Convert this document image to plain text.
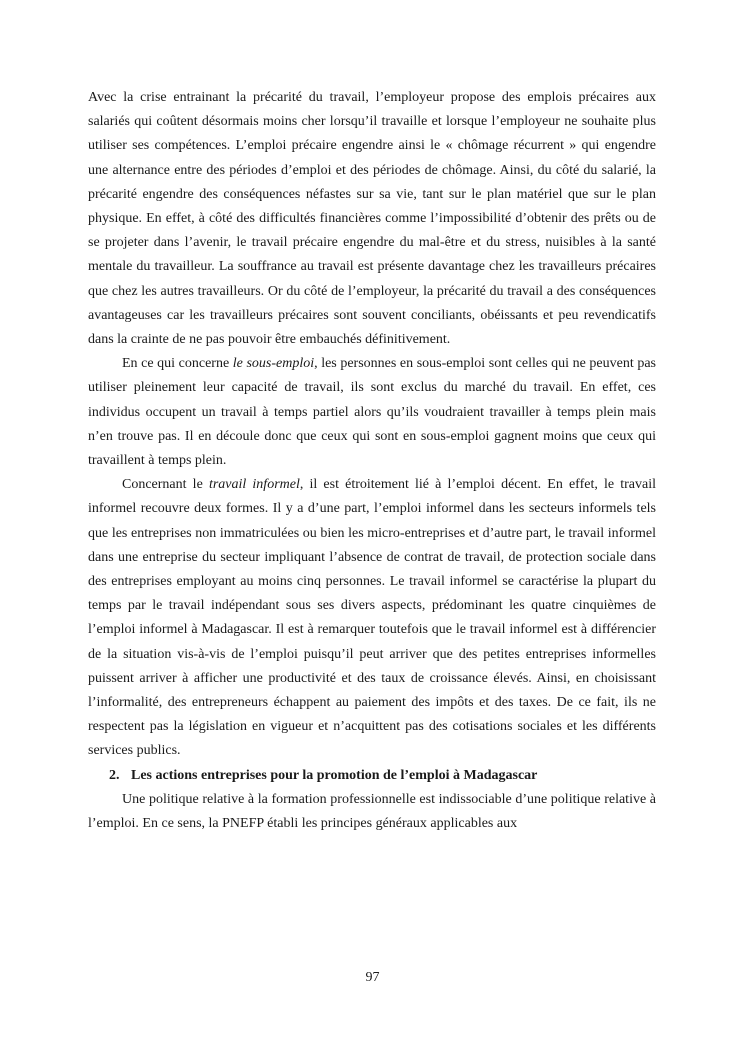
Avec la crise entrainant la précarité du travail, l’employeur propose des emplois précaires aux salariés qui coûtent désormais moins cher lorsqu’il travaille et lorsque l’employeur ne souhaite plus utiliser ses compétences. L’emploi précaire engendre ainsi le « chômage récurrent » qui engendre une alternance entre des périodes d’emploi et des périodes de chômage. Ainsi, du côté du salarié, la précarité engendre des conséquences néfastes sur sa vie, tant sur le plan matériel que sur le plan physique. En effet, à côté des difficultés financières comme l’impossibilité d’obtenir des prêts ou de se projeter dans l’avenir, le travail précaire engendre du mal-être et du stress, nuisibles à la santé mentale du travailleur. La souffrance au travail est présente davantage chez les travailleurs précaires que chez les autres travailleurs. Or du côté de l’employeur, la précarité du travail a des conséquences avantageuses car les travailleurs précaires sont souvent conciliants, obéissants et peu revendicatifs dans la crainte de ne pas pouvoir être embauchés définitivement.

En ce qui concerne le sous-emploi, les personnes en sous-emploi sont celles qui ne peuvent pas utiliser pleinement leur capacité de travail, ils sont exclus du marché du travail. En effet, ces individus occupent un travail à temps partiel alors qu’ils voudraient travailler à temps plein mais n’en trouve pas. Il en découle donc que ceux qui sont en sous-emploi gagnent moins que ceux qui travaillent à temps plein.

Concernant le travail informel, il est étroitement lié à l’emploi décent. En effet, le travail informel recouvre deux formes. Il y a d’une part, l’emploi informel dans les secteurs informels tels que les entreprises non immatriculées ou bien les micro-entreprises et d’autre part, le travail informel dans une entreprise du secteur impliquant l’absence de contrat de travail, de protection sociale dans des entreprises employant au moins cinq personnes. Le travail informel se caractérise la plupart du temps par le travail indépendant sous ses divers aspects, prédominant les quatre cinquièmes de l’emploi informel à Madagascar. Il est à remarquer toutefois que le travail informel est à différencier de la situation vis-à-vis de l’emploi puisqu’il peut arriver que des petites entreprises informelles puissent arriver à afficher une productivité et des taux de croissance élevés. Ainsi, en choisissant l’informalité, des entrepreneurs échappent au paiement des impôts et des taxes. De ce fait, ils ne respectent pas la législation en vigueur et n’acquittent pas des cotisations sociales et les différents services publics.

2. Les actions entreprises pour la promotion de l’emploi à Madagascar

Une politique relative à la formation professionnelle est indissociable d’une politique relative à l’emploi. En ce sens, la PNEFP établi les principes généraux applicables aux

97
